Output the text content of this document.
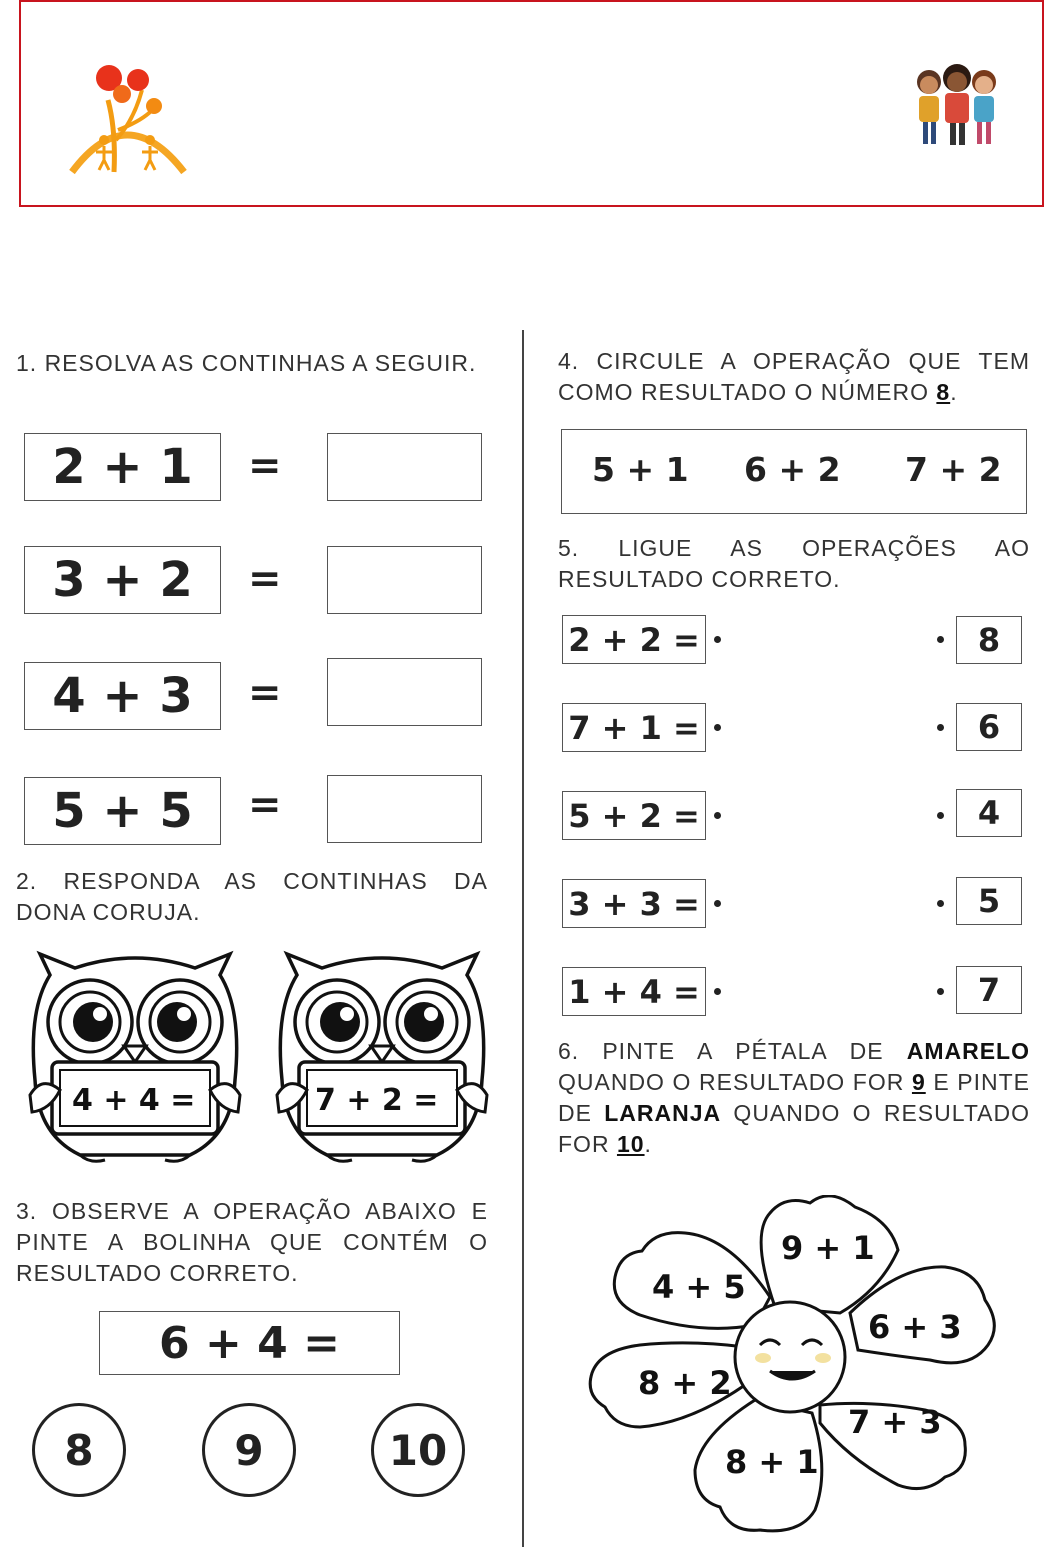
1. RESOLVA AS CONTINHAS A SEGUIR.
2 + 1	=
3 + 2	=
4 + 3	=
5 + 5	=
2. RESPONDA AS CONTINHAS DA DONA CORUJA.
4 + 4 =	7 + 2 =
3. OBSERVE A OPERAÇÃO ABAIXO E PINTE A BOLINHA QUE CONTÉM O RESULTADO CORRETO.
6 + 4 =
8	9	10
4. CIRCULE A OPERAÇÃO QUE TEM COMO RESULTADO O NÚMERO 8.
5 + 1 6 + 2 7 + 2
5. LIGUE AS OPERAÇÕES AO RESULTADO CORRETO.
2 + 2 =	8
7 + 1 =	6
5 + 2 =	4
3 + 3 =	5
1 + 4 =	7
6. PINTE A PÉTALA DE AMARELO QUANDO O RESULTADO FOR 9 E PINTE DE LARANJA QUANDO O RESULTADO FOR 10.
9 + 1
4 + 5
6 + 3
8 + 2
7 + 3
8 + 1
